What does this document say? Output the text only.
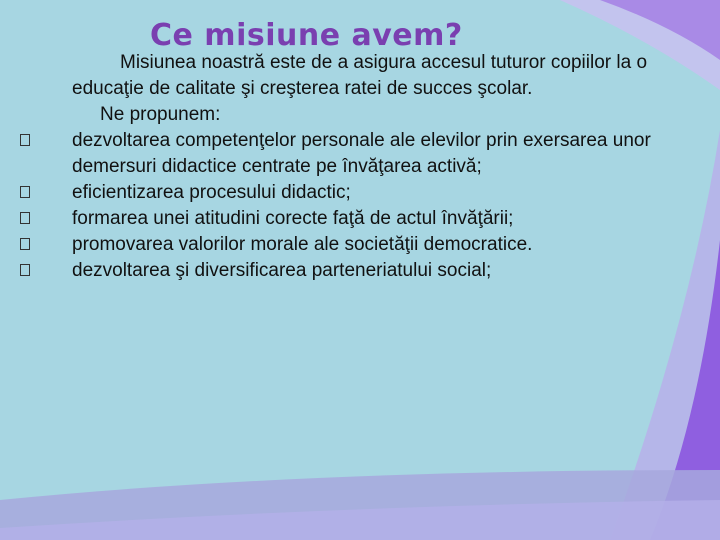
Ce misiune avem?

Misiunea noastră este de a asigura accesul tuturor copiilor la o educaţie de calitate şi creşterea ratei de succes şcolar.

Ne propunem:

dezvoltarea competenţelor personale ale elevilor prin exersarea unor demersuri didactice centrate pe învăţarea activă;
eficientizarea procesului didactic;
formarea unei atitudini corecte faţă de actul învăţării;
promovarea valorilor morale ale societăţii democratice.
dezvoltarea şi diversificarea parteneriatului social;
